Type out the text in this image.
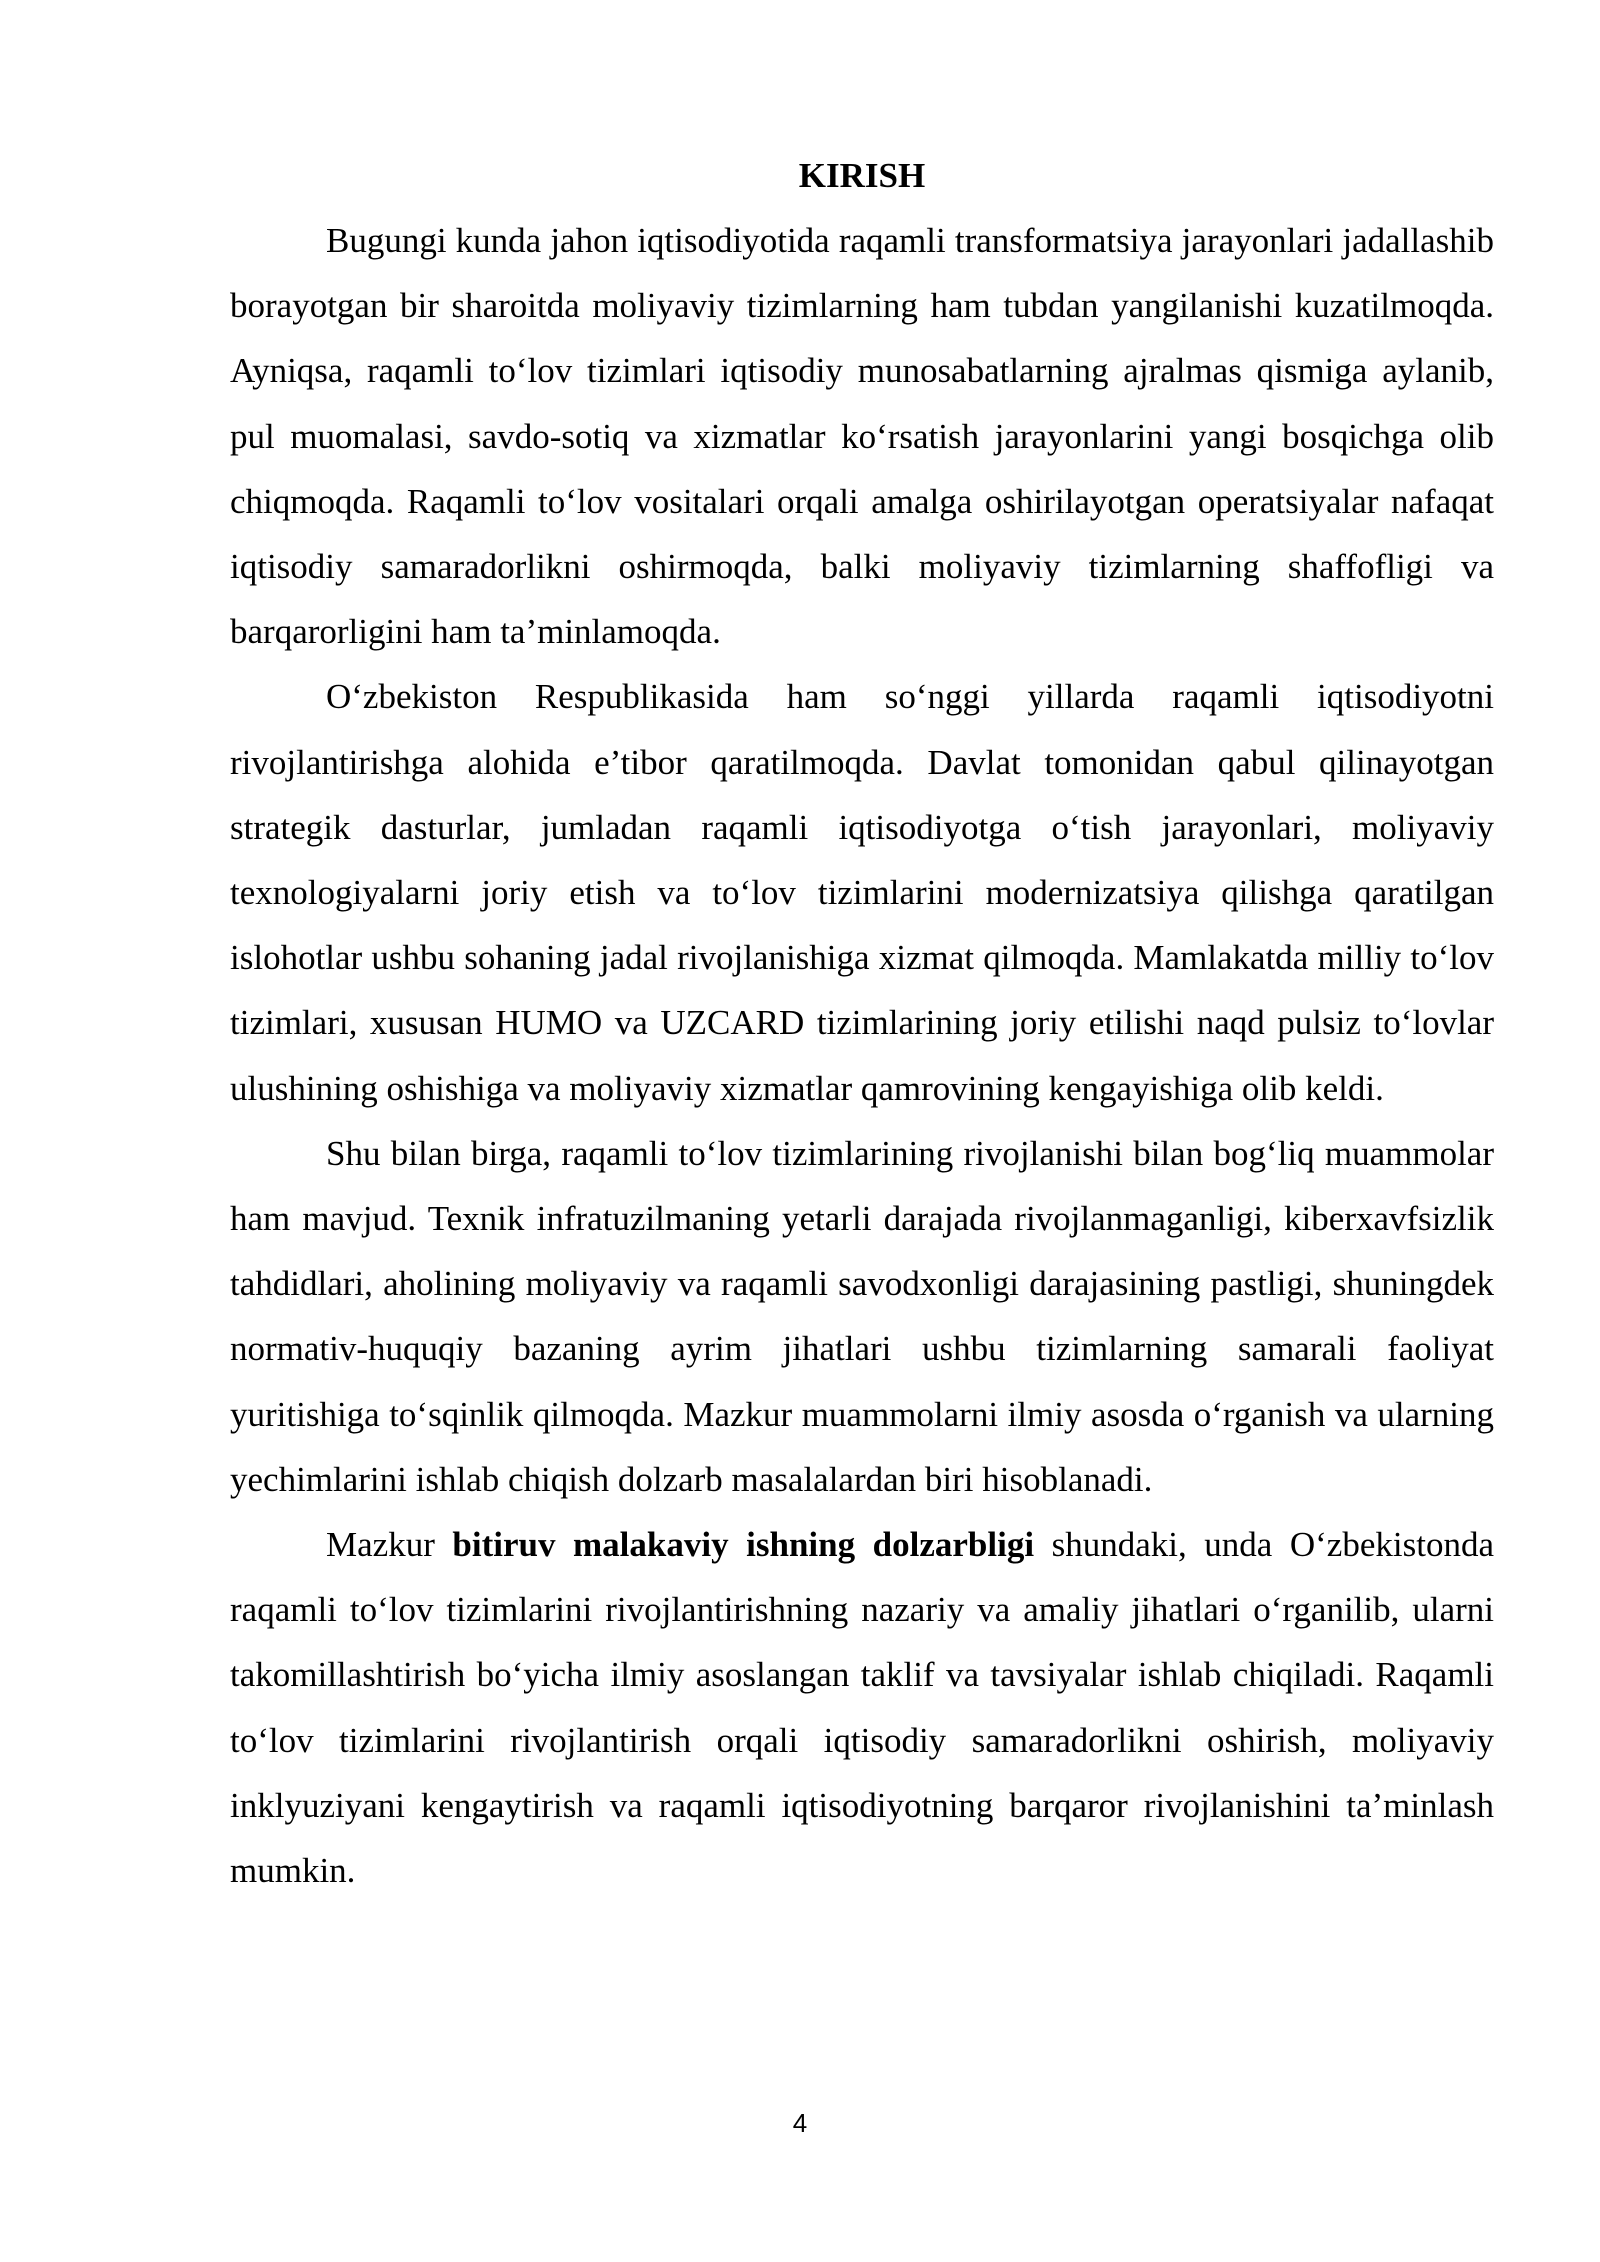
KIRISH

Bugungi kunda jahon iqtisodiyotida raqamli transformatsiya jarayonlari jadallashib borayotgan bir sharoitda moliyaviy tizimlarning ham tubdan yangilanishi kuzatilmoqda. Ayniqsa, raqamli to‘lov tizimlari iqtisodiy munosabatlarning ajralmas qismiga aylanib, pul muomalasi, savdo-sotiq va xizmatlar ko‘rsatish jarayonlarini yangi bosqichga olib chiqmoqda. Raqamli to‘lov vositalari orqali amalga oshirilayotgan operatsiyalar nafaqat iqtisodiy samaradorlikni oshirmoqda, balki moliyaviy tizimlarning shaffofligi va barqarorligini ham ta’minlamoqda.

O‘zbekiston Respublikasida ham so‘nggi yillarda raqamli iqtisodiyotni rivojlantirishga alohida e’tibor qaratilmoqda. Davlat tomonidan qabul qilinayotgan strategik dasturlar, jumladan raqamli iqtisodiyotga o‘tish jarayonlari, moliyaviy texnologiyalarni joriy etish va to‘lov tizimlarini modernizatsiya qilishga qaratilgan islohotlar ushbu sohaning jadal rivojlanishiga xizmat qilmoqda. Mamlakatda milliy to‘lov tizimlari, xususan HUMO va UZCARD tizimlarining joriy etilishi naqd pulsiz to‘lovlar ulushining oshishiga va moliyaviy xizmatlar qamrovining kengayishiga olib keldi.

Shu bilan birga, raqamli to‘lov tizimlarining rivojlanishi bilan bog‘liq muammolar ham mavjud. Texnik infratuzilmaning yetarli darajada rivojlanmaganligi, kiberxavfsizlik tahdidlari, aholining moliyaviy va raqamli savodxonligi darajasining pastligi, shuningdek normativ-huquqiy bazaning ayrim jihatlari ushbu tizimlarning samarali faoliyat yuritishiga to‘sqinlik qilmoqda. Mazkur muammolarni ilmiy asosda o‘rganish va ularning yechimlarini ishlab chiqish dolzarb masalalardan biri hisoblanadi.

Mazkur bitiruv malakaviy ishning dolzarbligi shundaki, unda O‘zbekistonda raqamli to‘lov tizimlarini rivojlantirishning nazariy va amaliy jihatlari o‘rganilib, ularni takomillashtirish bo‘yicha ilmiy asoslangan taklif va tavsiyalar ishlab chiqiladi. Raqamli to‘lov tizimlarini rivojlantirish orqali iqtisodiy samaradorlikni oshirish, moliyaviy inklyuziyani kengaytirish va raqamli iqtisodiyotning barqaror rivojlanishini ta’minlash mumkin.

4
